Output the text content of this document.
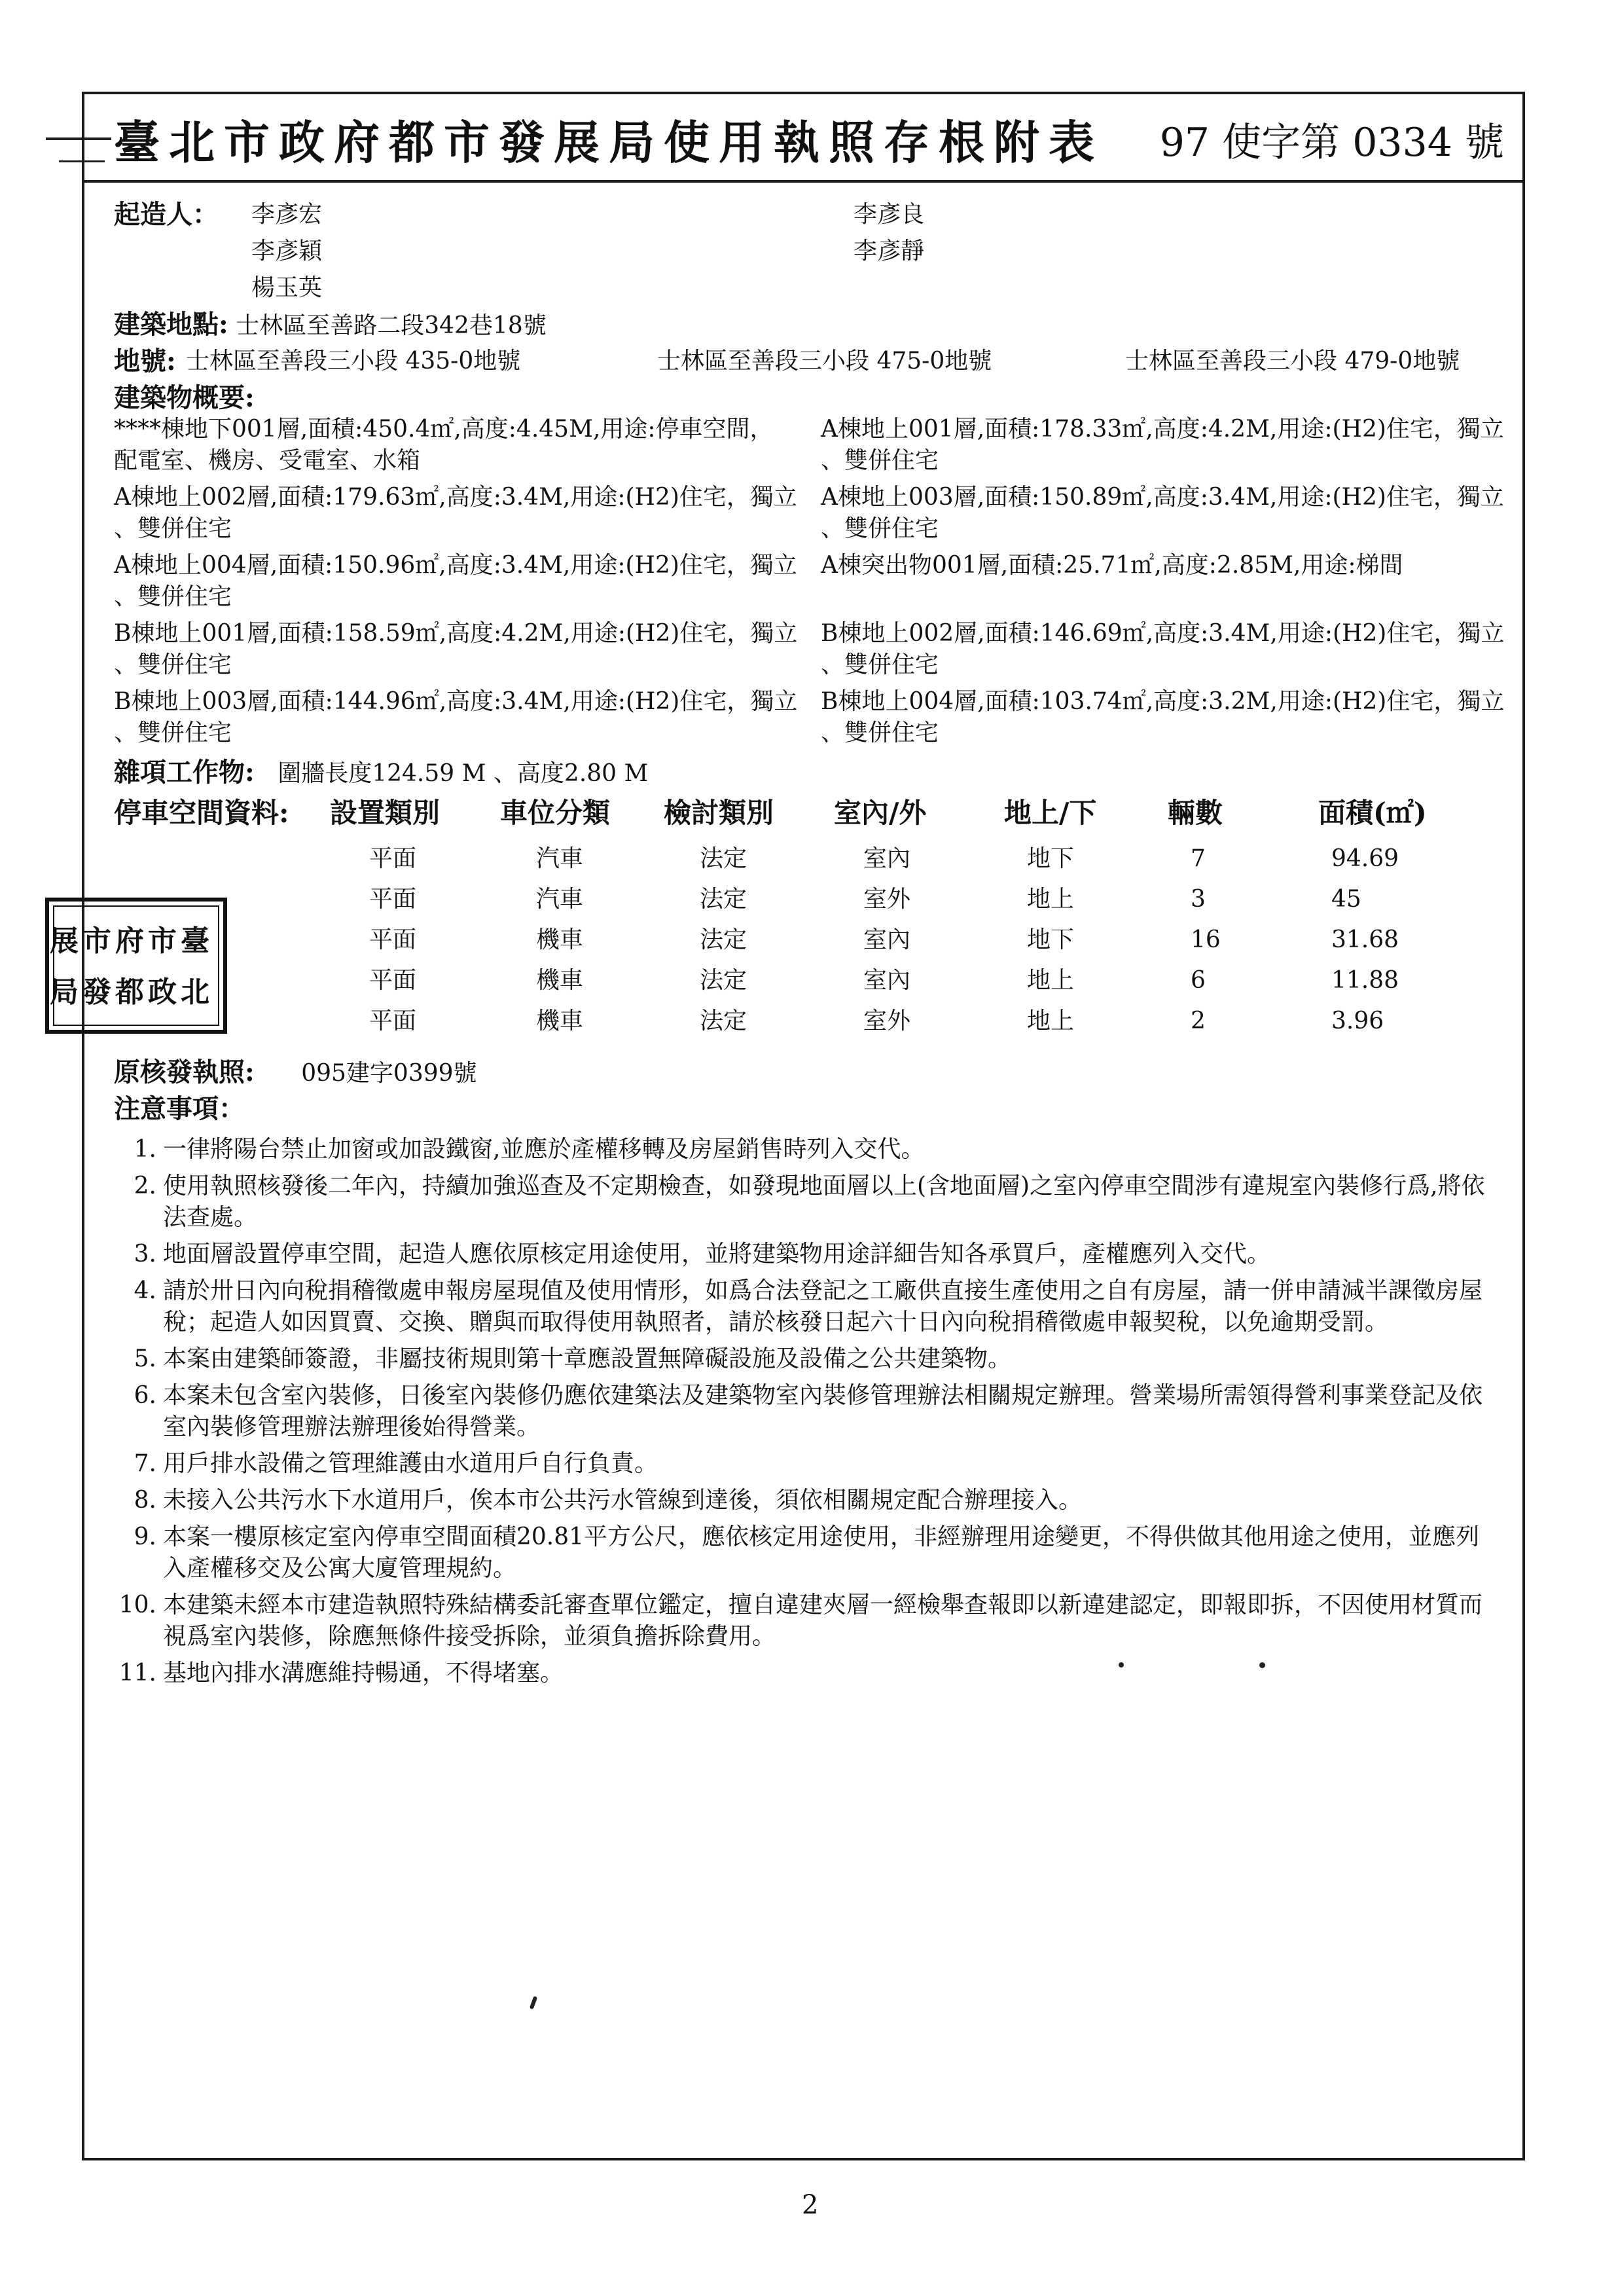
臺北市政府都市發展局使用執照存根附表 97 使字第 0334 號
起造人： 李彥宏	李彥良
李彥穎	李彥靜
楊玉英
建築地點: 士林區至善路二段342巷18號
地號: 士林區至善段三小段 435-0地號	士林區至善段三小段 475-0地號	士林區至善段三小段 479-0地號
建築物概要:
****棟地下001層,面積:450.4㎡,高度:4.45M,用途:停車空間，
配電室、機房、受電室、水箱
A棟地上001層,面積:178.33㎡,高度:4.2M,用途:(H2)住宅，獨立
、雙併住宅
A棟地上002層,面積:179.63㎡,高度:3.4M,用途:(H2)住宅，獨立
、雙併住宅
A棟地上003層,面積:150.89㎡,高度:3.4M,用途:(H2)住宅，獨立
、雙併住宅
A棟地上004層,面積:150.96㎡,高度:3.4M,用途:(H2)住宅，獨立
、雙併住宅
A棟突出物001層,面積:25.71㎡,高度:2.85M,用途:梯間
B棟地上001層,面積:158.59㎡,高度:4.2M,用途:(H2)住宅，獨立
、雙併住宅
B棟地上002層,面積:146.69㎡,高度:3.4M,用途:(H2)住宅，獨立
、雙併住宅
B棟地上003層,面積:144.96㎡,高度:3.4M,用途:(H2)住宅，獨立
、雙併住宅
B棟地上004層,面積:103.74㎡,高度:3.2M,用途:(H2)住宅，獨立
、雙併住宅
雜項工作物: 圍牆長度124.59 M 、高度2.80 M
停車空間資料: 設置類別 車位分類 檢討類別 室內/外	地上/下	輛數	面積(㎡)
平面	汽車	法定	室內	地下	7	94.69
平面	汽車	法定	室外	地上	3	45
平面	機車	法定	室內	地下	16	31.68
平面	機車	法定	室內	地上	6	11.88
平面	機車	法定	室外	地上	2	3.96
原核發執照: 095建字0399號
注意事項：
1. 一律將陽台禁止加窗或加設鐵窗,並應於產權移轉及房屋銷售時列入交代。
2. 使用執照核發後二年內，持續加強巡查及不定期檢查，如發現地面層以上(含地面層)之室內停車空間涉有違規室內裝修行爲,將依法查處。
3. 地面層設置停車空間，起造人應依原核定用途使用，並將建築物用途詳細告知各承買戶，產權應列入交代。
4. 請於卅日內向稅捐稽徵處申報房屋現值及使用情形，如爲合法登記之工廠供直接生產使用之自有房屋，請一併申請減半課徵房屋稅；起造人如因買賣、交換、贈與而取得使用執照者，請於核發日起六十日內向稅捐稽徵處申報契稅，以免逾期受罰。
5. 本案由建築師簽證，非屬技術規則第十章應設置無障礙設施及設備之公共建築物。
6. 本案未包含室內裝修，日後室內裝修仍應依建築法及建築物室內裝修管理辦法相關規定辦理。營業場所需領得營利事業登記及依室內裝修管理辦法辦理後始得營業。
7. 用戶排水設備之管理維護由水道用戶自行負責。
8. 未接入公共污水下水道用戶，俟本市公共污水管線到達後，須依相關規定配合辦理接入。
9. 本案一樓原核定室內停車空間面積20.81平方公尺，應依核定用途使用，非經辦理用途變更，不得供做其他用途之使用，並應列入產權移交及公寓大廈管理規約。
10. 本建築未經本市建造執照特殊結構委託審查單位鑑定，擅自違建夾層一經檢舉查報即以新違建認定，即報即拆，不因使用材質而視爲室內裝修，除應無條件接受拆除，並須負擔拆除費用。
11. 基地內排水溝應維持暢通，不得堵塞。
臺
北
市
政
府
都
市
發
展
局
2
